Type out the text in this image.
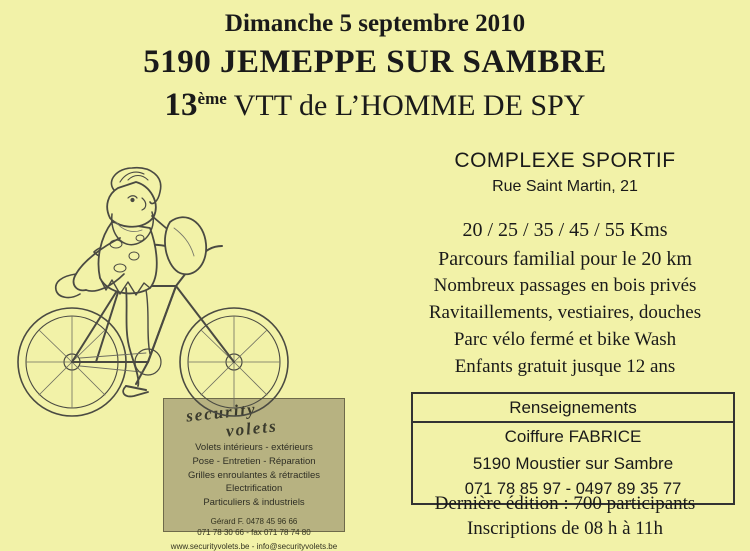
Dimanche 5 septembre 2010
5190 JEMEPPE SUR SAMBRE
13ème VTT de L’HOMME DE SPY
COMPLEXE SPORTIF
Rue Saint Martin, 21
20 / 25 / 35 / 45 / 55 Kms
Parcours familial pour le 20 km
Nombreux passages en bois privés
Ravitaillements, vestiaires, douches
Parc vélo fermé et bike Wash
Enfants gratuit jusque 12 ans
Renseignements
Coiffure FABRICE
5190 Moustier sur Sambre
071 78 85 97 - 0497 89 35 77
Dernière édition : 700 participants
Inscriptions de 08 h à 11h
security
volets
Volets intérieurs - extérieurs
Pose - Entretien - Réparation
Grilles enroulantes & rétractiles
Electrification
Particuliers & industriels
Gérard F. 0478 45 96 66
071 78 30 66 - fax 071 78 74 80
www.securityvolets.be - info@securityvolets.be
